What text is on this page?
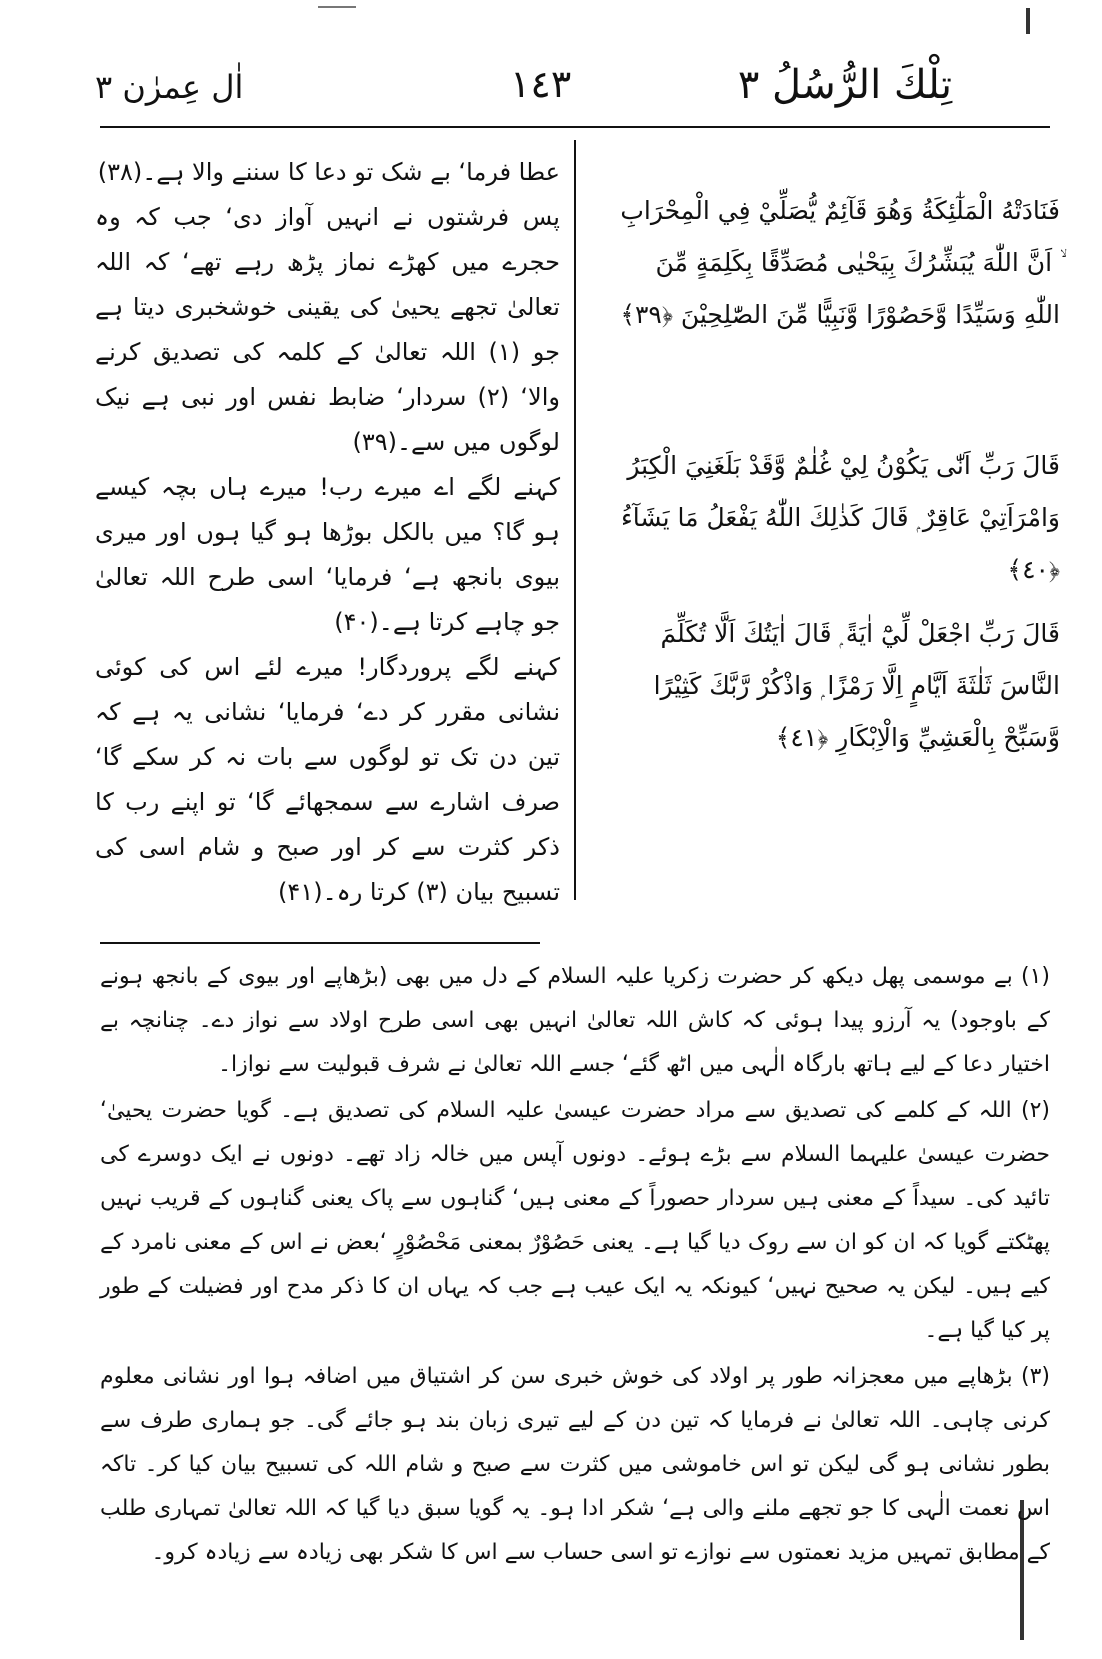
تِلْكَ الرُّسُلُ ٣
١٤٣
اٰل عِمرٰن ٣
فَنَادَتْهُ الْمَلٰٓئِكَةُ وَهُوَ قَآئِمٌ يُّصَلِّيْ فِي الْمِحْرَابِ ۙ اَنَّ اللّٰهَ يُبَشِّرُكَ بِيَحْيٰى مُصَدِّقًا بِكَلِمَةٍ مِّنَ اللّٰهِ وَسَيِّدًا وَّحَصُوْرًا وَّنَبِيًّا مِّنَ الصّٰلِحِيْنَ ﴿٣٩﴾
قَالَ رَبِّ اَنّٰى يَكُوْنُ لِيْ غُلٰمٌ وَّقَدْ بَلَغَنِيَ الْكِبَرُ وَامْرَاَتِيْ عَاقِرٌ ۭ قَالَ كَذٰلِكَ اللّٰهُ يَفْعَلُ مَا يَشَآءُ ﴿٤٠﴾
قَالَ رَبِّ اجْعَلْ لِّيْٓ اٰيَةً ۭ قَالَ اٰيَتُكَ اَلَّا تُكَلِّمَ النَّاسَ ثَلٰثَةَ اَيَّامٍ اِلَّا رَمْزًا ۭ وَاذْكُرْ رَّبَّكَ كَثِيْرًا وَّسَبِّحْ بِالْعَشِيِّ وَالْاِبْكَارِ ﴿٤١﴾

عطا فرما‘ بے شک تو دعا کا سننے والا ہے۔(۳۸)

پس فرشتوں نے انہیں آواز دی‘ جب کہ وہ حجرے میں کھڑے نماز پڑھ رہے تھے‘ کہ اللہ تعالیٰ تجھے یحییٰ کی یقینی خوشخبری دیتا ہے جو (۱) اللہ تعالیٰ کے کلمہ کی تصدیق کرنے والا‘ (۲) سردار‘ ضابط نفس اور نبی ہے نیک لوگوں میں سے۔(۳۹)

کہنے لگے اے میرے رب! میرے ہاں بچہ کیسے ہو گا؟ میں بالکل بوڑھا ہو گیا ہوں اور میری بیوی بانجھ ہے‘ فرمایا‘ اسی طرح اللہ تعالیٰ جو چاہے کرتا ہے۔(۴۰)

کہنے لگے پروردگار! میرے لئے اس کی کوئی نشانی مقرر کر دے‘ فرمایا‘ نشانی یہ ہے کہ تین دن تک تو لوگوں سے بات نہ کر سکے گا‘ صرف اشارے سے سمجھائے گا‘ تو اپنے رب کا ذکر کثرت سے کر اور صبح و شام اسی کی تسبیح بیان (۳) کرتا رہ۔(۴۱)

(۱) بے موسمی پھل دیکھ کر حضرت زکریا علیہ السلام کے دل میں بھی (بڑھاپے اور بیوی کے بانجھ ہونے کے باوجود) یہ آرزو پیدا ہوئی کہ کاش اللہ تعالیٰ انہیں بھی اسی طرح اولاد سے نواز دے۔ چنانچہ بے اختیار دعا کے لیے ہاتھ بارگاہ الٰہی میں اٹھ گئے‘ جسے اللہ تعالیٰ نے شرف قبولیت سے نوازا۔

(۲) اللہ کے کلمے کی تصدیق سے مراد حضرت عیسیٰ علیہ السلام کی تصدیق ہے۔ گویا حضرت یحییٰ‘ حضرت عیسیٰ علیہما السلام سے بڑے ہوئے۔ دونوں آپس میں خالہ زاد تھے۔ دونوں نے ایک دوسرے کی تائید کی۔ سیداً کے معنی ہیں سردار حصوراً کے معنی ہیں‘ گناہوں سے پاک یعنی گناہوں کے قریب نہیں پھٹکتے گویا کہ ان کو ان سے روک دیا گیا ہے۔ یعنی حَصُوْرٌ بمعنی مَحْصُوْرٍ ‘بعض نے اس کے معنی نامرد کے کیے ہیں۔ لیکن یہ صحیح نہیں‘ کیونکہ یہ ایک عیب ہے جب کہ یہاں ان کا ذکر مدح اور فضیلت کے طور پر کیا گیا ہے۔

(۳) بڑھاپے میں معجزانہ طور پر اولاد کی خوش خبری سن کر اشتیاق میں اضافہ ہوا اور نشانی معلوم کرنی چاہی۔ اللہ تعالیٰ نے فرمایا کہ تین دن کے لیے تیری زبان بند ہو جائے گی۔ جو ہماری طرف سے بطور نشانی ہو گی لیکن تو اس خاموشی میں کثرت سے صبح و شام اللہ کی تسبیح بیان کیا کر۔ تاکہ اس نعمت الٰہی کا جو تجھے ملنے والی ہے‘ شکر ادا ہو۔ یہ گویا سبق دیا گیا کہ اللہ تعالیٰ تمہاری طلب کے مطابق تمہیں مزید نعمتوں سے نوازے تو اسی حساب سے اس کا شکر بھی زیادہ سے زیادہ کرو۔
